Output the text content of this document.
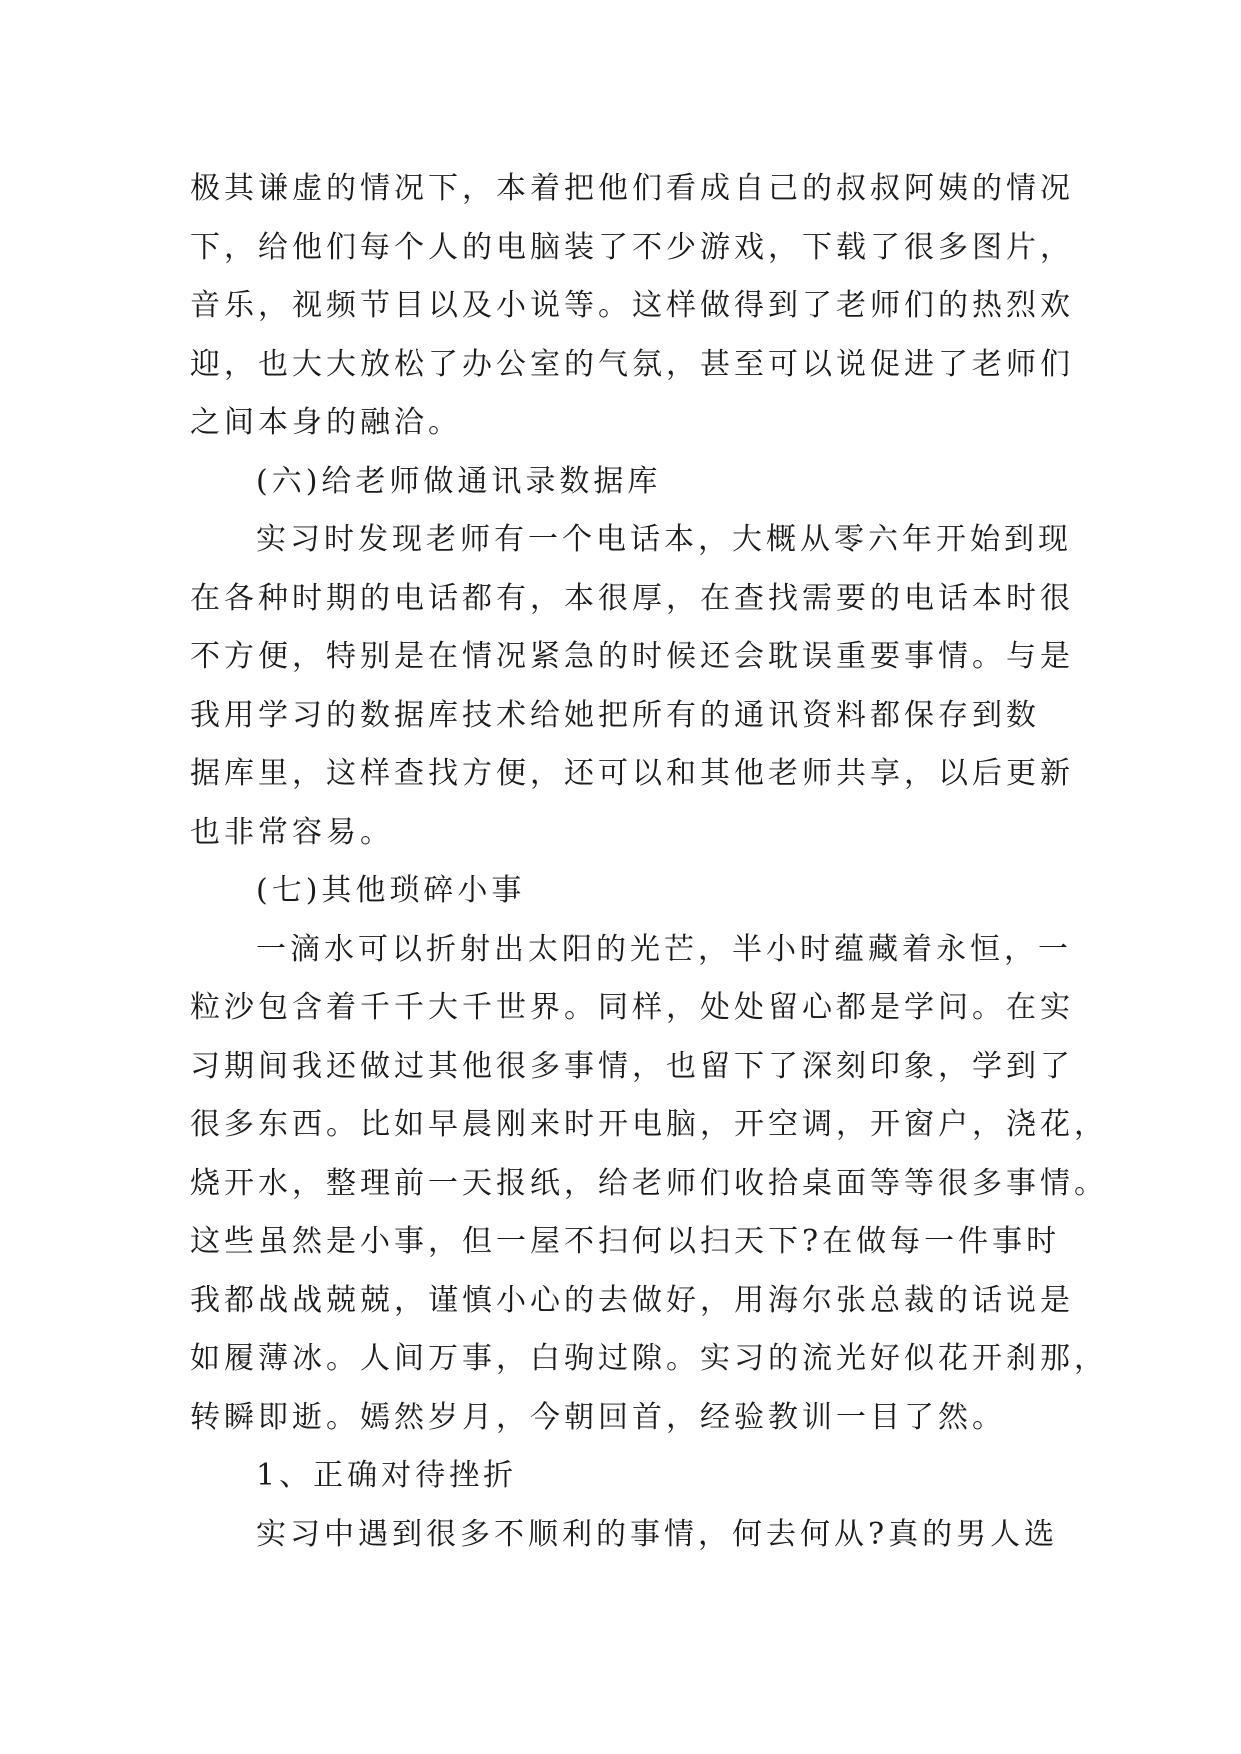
极其谦虚的情况下，本着把他们看成自己的叔叔阿姨的情况
下，给他们每个人的电脑装了不少游戏，下载了很多图片，
音乐，视频节目以及小说等。这样做得到了老师们的热烈欢
迎，也大大放松了办公室的气氛，甚至可以说促进了老师们
之间本身的融洽。
(六)给老师做通讯录数据库
实习时发现老师有一个电话本，大概从零六年开始到现
在各种时期的电话都有，本很厚，在查找需要的电话本时很
不方便，特别是在情况紧急的时候还会耽误重要事情。与是
我用学习的数据库技术给她把所有的通讯资料都保存到数
据库里，这样查找方便，还可以和其他老师共享，以后更新
也非常容易。
(七)其他琐碎小事
一滴水可以折射出太阳的光芒，半小时蕴藏着永恒，一
粒沙包含着千千大千世界。同样，处处留心都是学问。在实
习期间我还做过其他很多事情，也留下了深刻印象，学到了
很多东西。比如早晨刚来时开电脑，开空调，开窗户，浇花，
烧开水，整理前一天报纸，给老师们收拾桌面等等很多事情。
这些虽然是小事，但一屋不扫何以扫天下?在做每一件事时
我都战战兢兢，谨慎小心的去做好，用海尔张总裁的话说是
如履薄冰。人间万事，白驹过隙。实习的流光好似花开刹那，
转瞬即逝。嫣然岁月，今朝回首，经验教训一目了然。
1、正确对待挫折
实习中遇到很多不顺利的事情，何去何从?真的男人选
